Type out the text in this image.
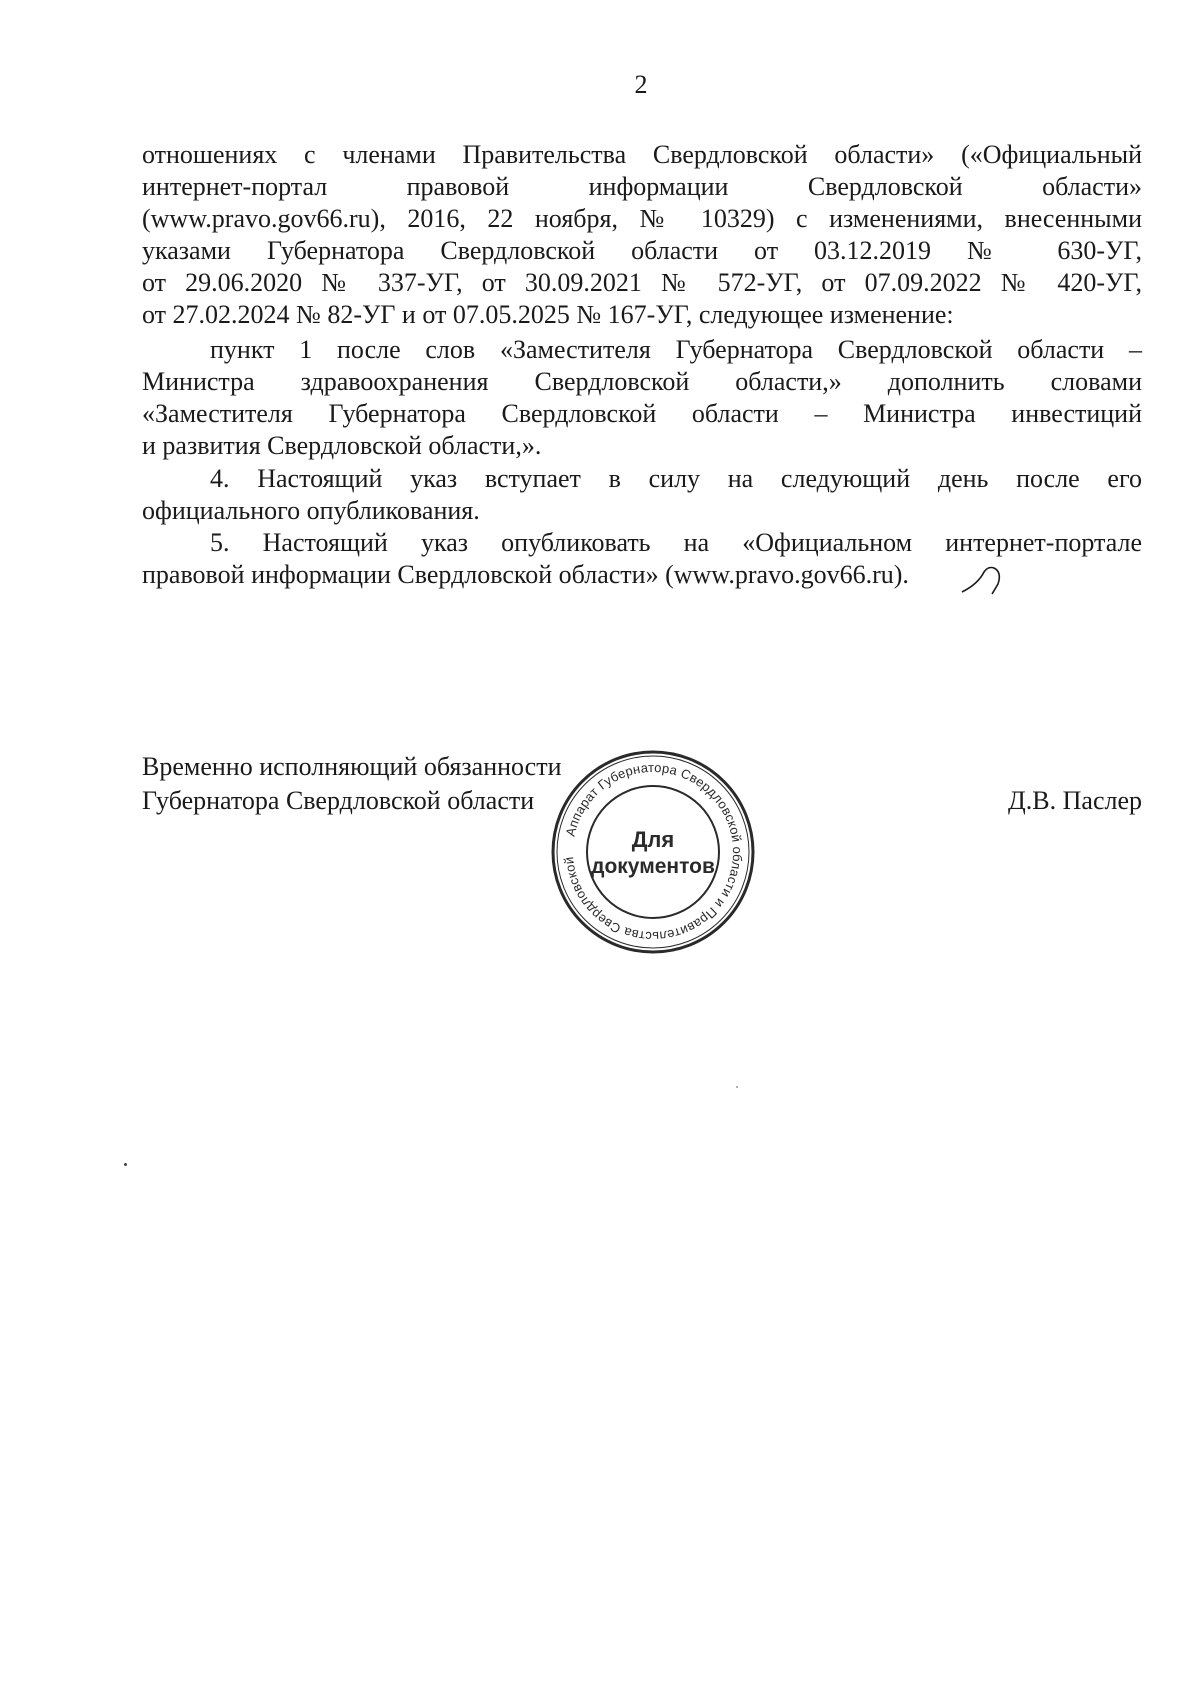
2
отношениях с членами Правительства Свердловской области» («Официальный
интернет-портал правовой информации Свердловской области»
(www.pravo.gov66.ru), 2016, 22 ноября, № 10329) с изменениями, внесенными
указами Губернатора Свердловской области от 03.12.2019 № 630-УГ,
от 29.06.2020 № 337-УГ, от 30.09.2021 № 572-УГ, от 07.09.2022 № 420-УГ,
от 27.02.2024 № 82-УГ и от 07.05.2025 № 167-УГ, следующее изменение:
пункт 1 после слов «Заместителя Губернатора Свердловской области –
Министра здравоохранения Свердловской области,» дополнить словами
«Заместителя Губернатора Свердловской области – Министра инвестиций
и развития Свердловской области,».
4. Настоящий указ вступает в силу на следующий день после его
официального опубликования.
5. Настоящий указ опубликовать на «Официальном интернет-портале
правовой информации Свердловской области» (www.pravo.gov66.ru).
Временно исполняющий обязанности
Губернатора Свердловской области	Д.В. Паслер
Аппарат Губернатора Свердловской области и Правительства Свердловской области ✱
Для
документов
